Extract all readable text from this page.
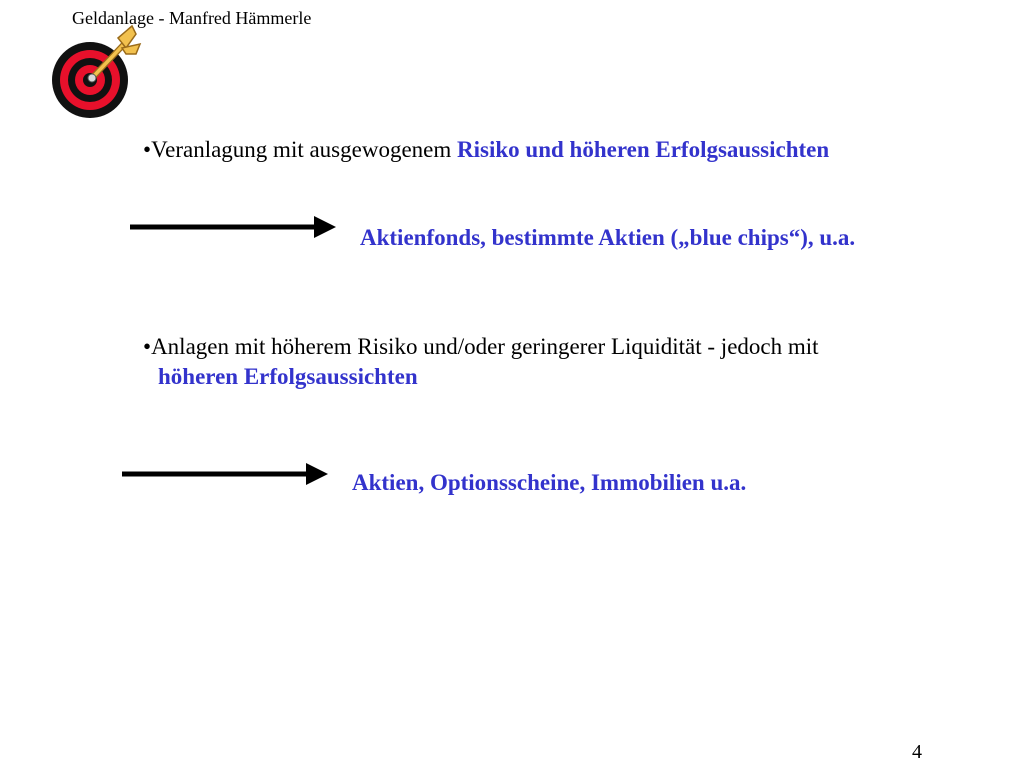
Geldanlage - Manfred Hämmerle
•Veranlagung mit ausgewogenem Risiko und höheren Erfolgsaussichten
Aktienfonds, bestimmte Aktien („blue chips“), u.a.
•Anlagen mit höherem Risiko und/oder geringerer Liquidität - jedoch mit
höheren Erfolgsaussichten
Aktien, Optionsscheine, Immobilien u.a.
4
